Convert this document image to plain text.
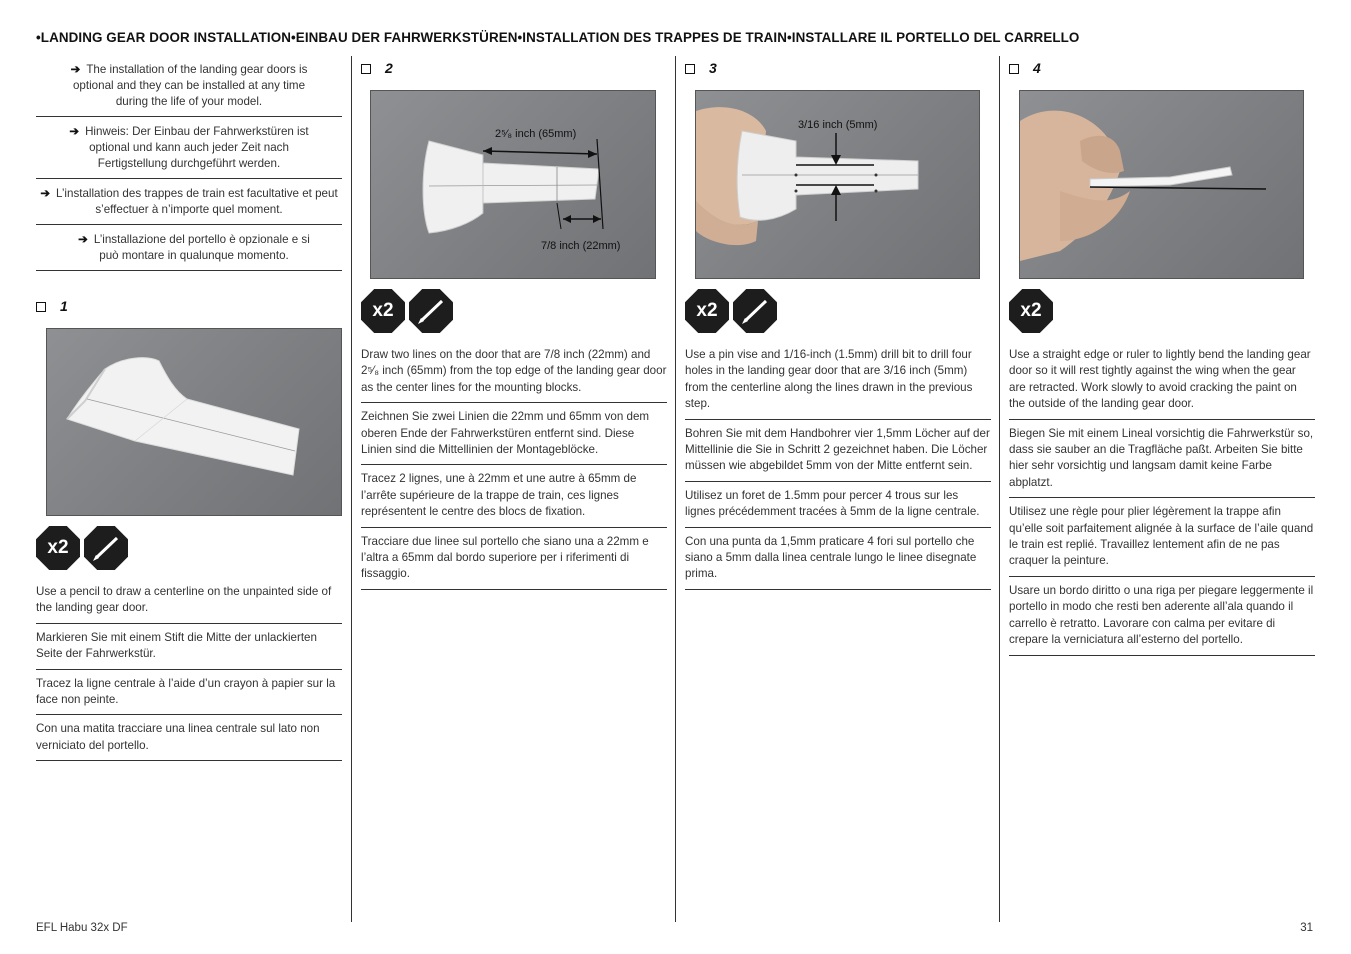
•LANDING GEAR DOOR INSTALLATION•EINBAU DER FAHRWERKSTÜREN•INSTALLATION DES TRAPPES DE TRAIN•INSTALLARE IL PORTELLO DEL CARRELLO
➔ The installation of the landing gear doors is optional and they can be installed at any time during the life of your model.
➔ Hinweis: Der Einbau der Fahrwerkstüren ist optional und kann auch jeder Zeit nach Fertigstellung durchgeführt werden.
➔ L’installation des trappes de train est facultative et peut s’effectuer à n’importe quel moment.
➔ L’installazione del portello è opzionale e si può montare in qualunque momento.
1
x2
Use a pencil to draw a centerline on the unpainted side of the landing gear door.
Markieren Sie mit einem Stift die Mitte der unlackierten Seite der Fahrwerkstür.
Tracez la ligne centrale à l’aide d’un crayon à papier sur la face non peinte.
Con una matita tracciare una linea centrale sul lato non verniciato del portello.
2
2⁵⁄₈ inch (65mm)
7/8 inch (22mm)
x2
Draw two lines on the door that are 7/8 inch (22mm) and 2⁵⁄₈ inch (65mm) from the top edge of the landing gear door as the center lines for the mounting blocks.
Zeichnen Sie zwei Linien die 22mm und 65mm von dem oberen Ende der Fahrwerkstüren entfernt sind. Diese Linien sind die Mittellinien der Montageblöcke.
Tracez 2 lignes, une à 22mm et une autre à 65mm de l’arrête supérieure de la trappe de train, ces lignes représentent le centre des blocs de fixation.
Tracciare due linee sul portello che siano una a 22mm e l’altra a 65mm dal bordo superiore per i riferimenti di fissaggio.
3
3/16 inch (5mm)
x2
Use a pin vise and 1/16-inch (1.5mm) drill bit to drill four holes in the landing gear door that are 3/16 inch (5mm) from the centerline along the lines drawn in the previous step.
Bohren Sie mit dem Handbohrer vier 1,5mm Löcher auf der Mittellinie die Sie in Schritt 2 gezeichnet haben. Die Löcher müssen wie abgebildet 5mm von der Mitte entfernt sein.
Utilisez un foret de 1.5mm pour percer 4 trous sur les lignes précédemment tracées à 5mm de la ligne centrale.
Con una punta da 1,5mm praticare 4 fori sul portello che siano a 5mm dalla linea centrale lungo le linee disegnate prima.
4
x2
Use a straight edge or ruler to lightly bend the landing gear door so it will rest tightly against the wing when the gear are retracted. Work slowly to avoid cracking the paint on the outside of the landing gear door.
Biegen Sie mit einem Lineal vorsichtig die Fahrwerkstür so, dass sie sauber an die Tragfläche paßt. Arbeiten Sie bitte hier sehr vorsichtig und langsam damit keine Farbe abplatzt.
Utilisez une règle pour plier légèrement la trappe afin qu’elle soit parfaitement alignée à la surface de l’aile quand le train est replié. Travaillez lentement afin de ne pas craquer la peinture.
Usare un bordo diritto o una riga per piegare leggermente il portello in modo che resti ben aderente all’ala quando il carrello è retratto. Lavorare con calma per evitare di crepare la verniciatura all’esterno del portello.
EFL Habu 32x DF	31
